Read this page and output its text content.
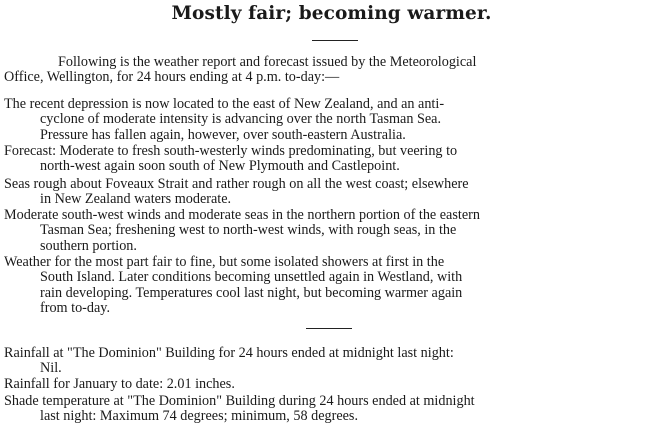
Mostly fair; becoming warmer.

Following is the weather report and forecast issued by the Meteorological
Office, Wellington, for 24 hours ending at 4 p.m. to-day:—

The recent depression is now located to the east of New Zealand, and an anti-
cyclone of moderate intensity is advancing over the north Tasman Sea.
Pressure has fallen again, however, over south-eastern Australia.

Forecast: Moderate to fresh south-westerly winds predominating, but veering to
north-west again soon south of New Plymouth and Castlepoint.

Seas rough about Foveaux Strait and rather rough on all the west coast; elsewhere
in New Zealand waters moderate.

Moderate south-west winds and moderate seas in the northern portion of the eastern
Tasman Sea; freshening west to north-west winds, with rough seas, in the
southern portion.

Weather for the most part fair to fine, but some isolated showers at first in the
South Island. Later conditions becoming unsettled again in Westland, with
rain developing. Temperatures cool last night, but becoming warmer again
from to-day.

Rainfall at "The Dominion" Building for 24 hours ended at midnight last night:
Nil.

Rainfall for January to date: 2.01 inches.

Shade temperature at "The Dominion" Building during 24 hours ended at midnight
last night: Maximum 74 degrees; minimum, 58 degrees.
